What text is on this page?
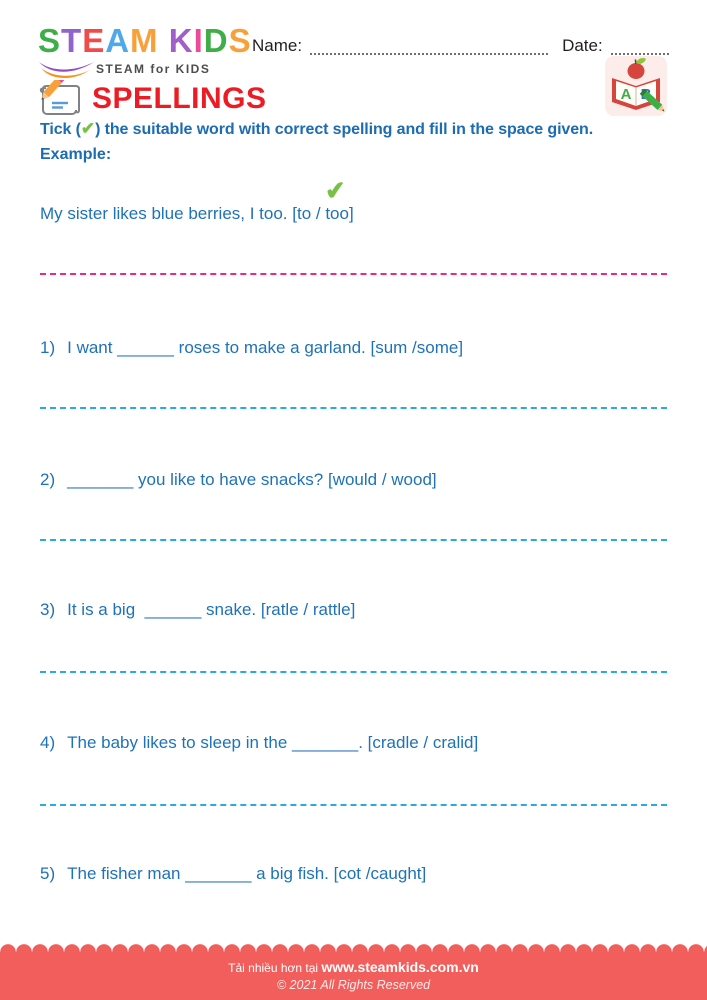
STEAM KIDS
STEAM for KIDS
Name:	Date:
A
SPELLINGS
Tick (✔) the suitable word with correct spelling and fill in the space given.
Example:
My sister likes blue berries, I too. [to / too]
✔
1) I want ______ roses to make a garland. [sum /some]
2) _______ you like to have snacks? [would / wood]
3) It is a big  ______ snake. [ratle / rattle]
4) The baby likes to sleep in the _______. [cradle / cralid]
5) The fisher man _______ a big fish. [cot /caught]
Tải nhiều hơn tại www.steamkids.com.vn
© 2021 All Rights Reserved
